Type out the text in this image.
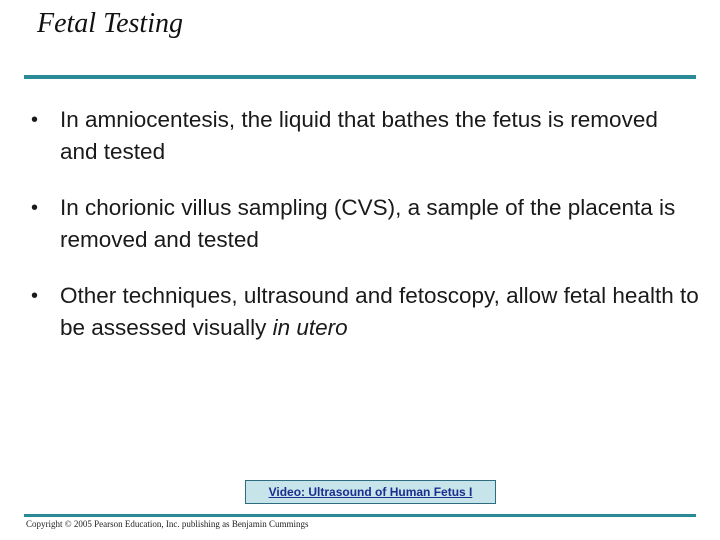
Fetal Testing
• In amniocentesis, the liquid that bathes the fetus is removed and tested
• In chorionic villus sampling (CVS), a sample of the placenta is removed and tested
• Other techniques, ultrasound and fetoscopy, allow fetal health to be assessed visually in utero
Video: Ultrasound of Human Fetus I
Copyright © 2005 Pearson Education, Inc. publishing as Benjamin Cummings
